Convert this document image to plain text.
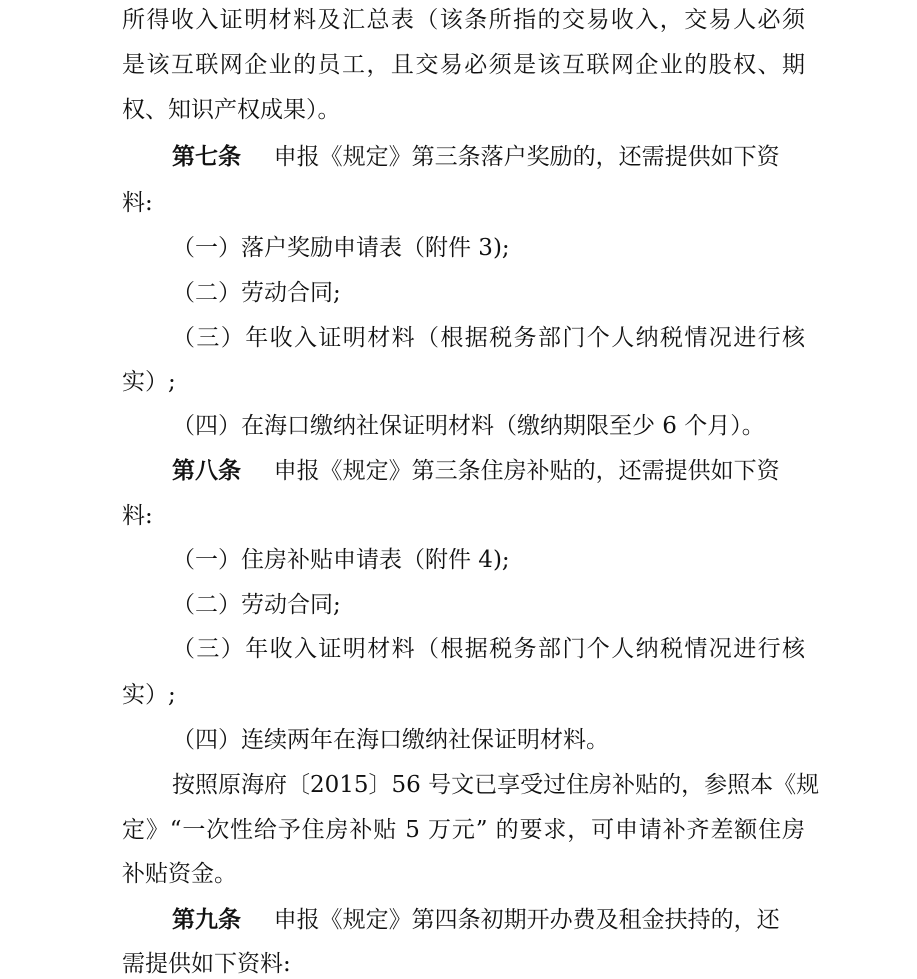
所得收入证明材料及汇总表（该条所指的交易收入，交易人必须
是该互联网企业的员工，且交易必须是该互联网企业的股权、期
权、知识产权成果）。
第七条 申报《规定》第三条落户奖励的，还需提供如下资
料:
（一）落户奖励申请表（附件 3);
（二）劳动合同;
（三）年收入证明材料（根据税务部门个人纳税情况进行核
实）;
（四）在海口缴纳社保证明材料（缴纳期限至少 6 个月）。
第八条 申报《规定》第三条住房补贴的，还需提供如下资
料:
（一）住房补贴申请表（附件 4);
（二）劳动合同;
（三）年收入证明材料（根据税务部门个人纳税情况进行核
实）;
（四）连续两年在海口缴纳社保证明材料。
按照原海府〔2015〕56 号文已享受过住房补贴的，参照本《规
定》“一次性给予住房补贴 5 万元” 的要求，可申请补齐差额住房
补贴资金。
第九条 申报《规定》第四条初期开办费及租金扶持的，还
需提供如下资料:
